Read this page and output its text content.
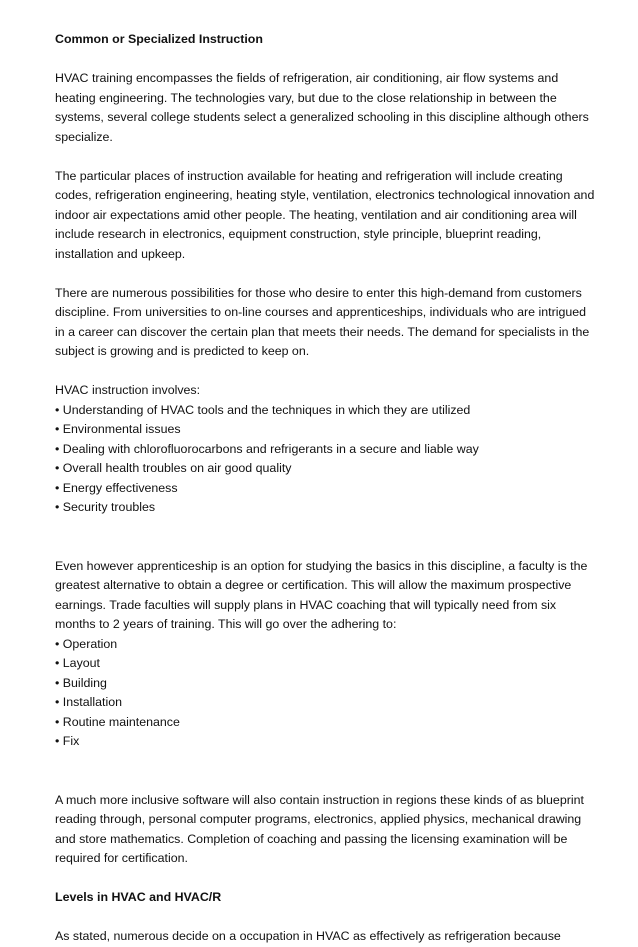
Common or Specialized Instruction

HVAC training encompasses the fields of refrigeration, air conditioning, air flow systems and heating engineering. The technologies vary, but due to the close relationship in between the systems, several college students select a generalized schooling in this discipline although others specialize.

The particular places of instruction available for heating and refrigeration will include creating codes, refrigeration engineering, heating style, ventilation, electronics technological innovation and indoor air expectations amid other people. The heating, ventilation and air conditioning area will include research in electronics, equipment construction, style principle, blueprint reading, installation and upkeep.

There are numerous possibilities for those who desire to enter this high-demand from customers discipline. From universities to on-line courses and apprenticeships, individuals who are intrigued in a career can discover the certain plan that meets their needs. The demand for specialists in the subject is growing and is predicted to keep on.

HVAC instruction involves:

• Understanding of HVAC tools and the techniques in which they are utilized
• Environmental issues
• Dealing with chlorofluorocarbons and refrigerants in a secure and liable way
• Overall health troubles on air good quality
• Energy effectiveness
• Security troubles

Even however apprenticeship is an option for studying the basics in this discipline, a faculty is the greatest alternative to obtain a degree or certification. This will allow the maximum prospective earnings. Trade faculties will supply plans in HVAC coaching that will typically need from six months to 2 years of training. This will go over the adhering to:

• Operation
• Layout
• Building
• Installation
• Routine maintenance
• Fix

A much more inclusive software will also contain instruction in regions these kinds of as blueprint reading through, personal computer programs, electronics, applied physics, mechanical drawing and store mathematics. Completion of coaching and passing the licensing examination will be required for certification.

Levels in HVAC and HVAC/R

As stated, numerous decide on a occupation in HVAC as effectively as refrigeration because
